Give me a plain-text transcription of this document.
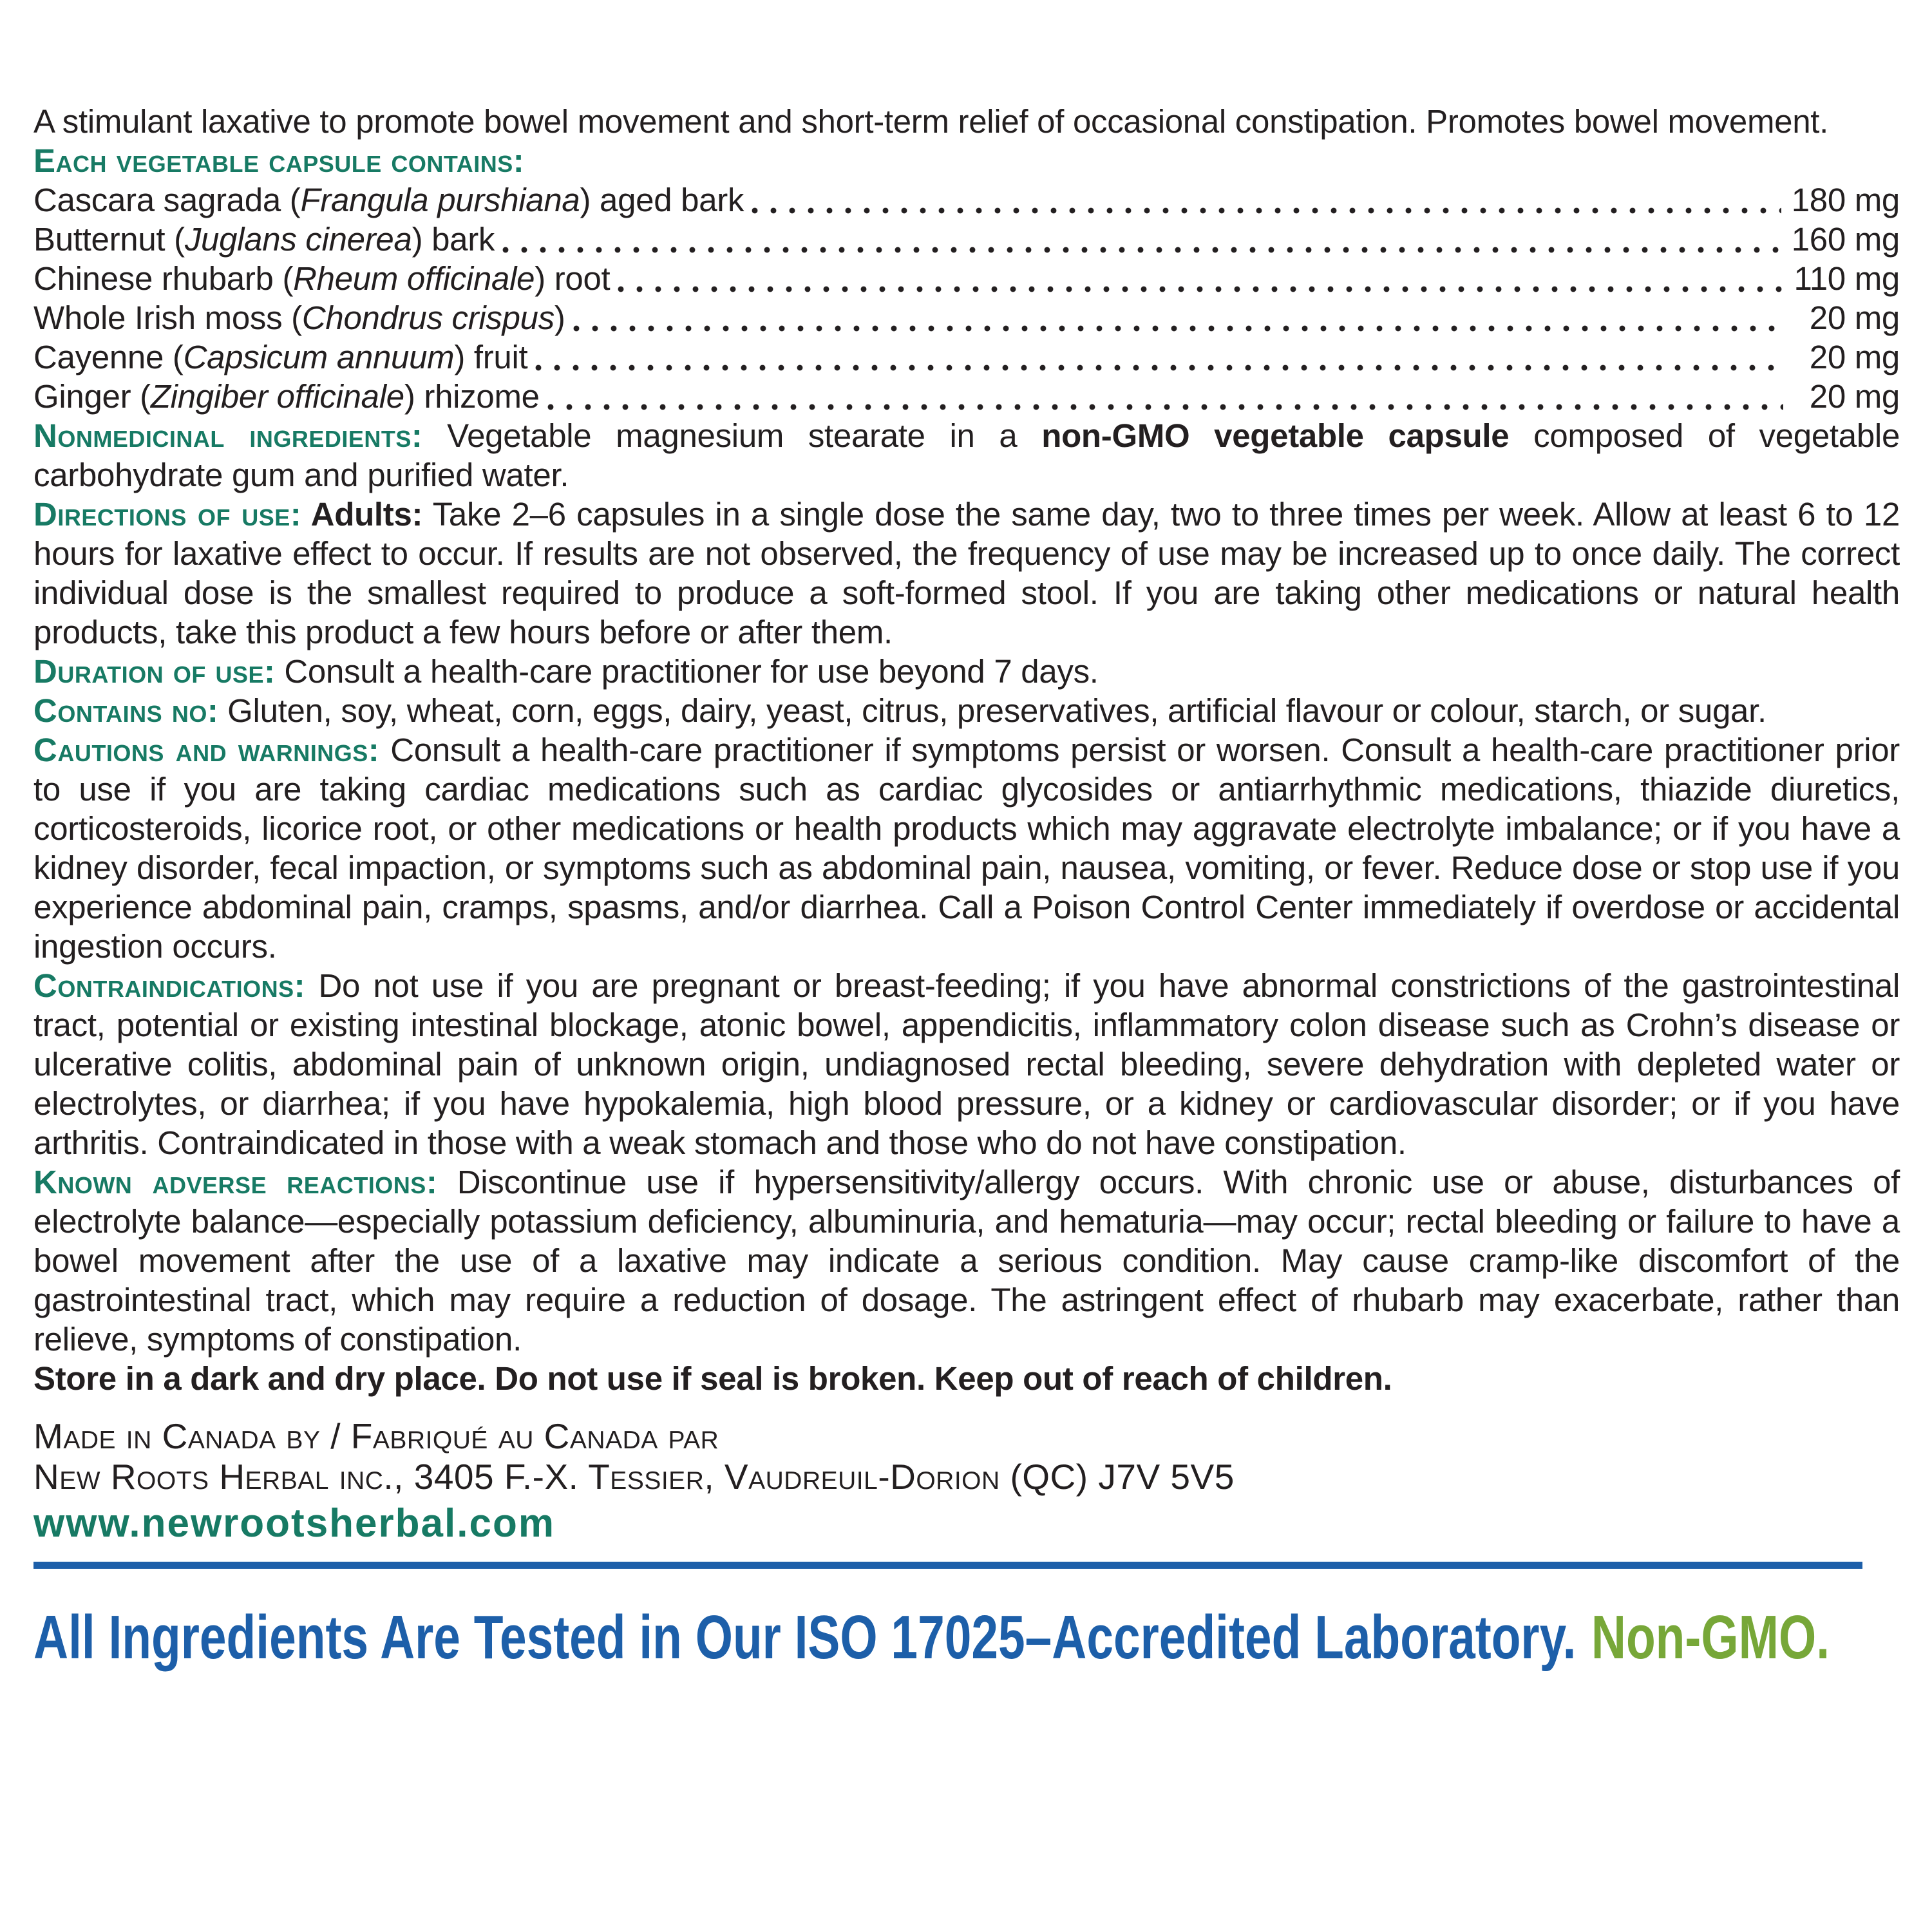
A stimulant laxative to promote bowel movement and short-term relief of occasional constipation. Promotes bowel movement.

Each vegetable capsule contains:

Cascara sagrada (Frangula purshiana) aged bark	180 mg
Butternut (Juglans cinerea) bark	160 mg
Chinese rhubarb (Rheum officinale) root	110 mg
Whole Irish moss (Chondrus crispus)	20 mg
Cayenne (Capsicum annuum) fruit	20 mg
Ginger (Zingiber officinale) rhizome	20 mg

Nonmedicinal ingredients: Vegetable magnesium stearate in a non-GMO vegetable capsule composed of vegetable carbohydrate gum and purified water.

Directions of use: Adults: Take 2–6 capsules in a single dose the same day, two to three times per week. Allow at least 6 to 12 hours for laxative effect to occur. If results are not observed, the frequency of use may be increased up to once daily. The correct individual dose is the smallest required to produce a soft-formed stool. If you are taking other medications or natural health products, take this product a few hours before or after them.

Duration of use: Consult a health-care practitioner for use beyond 7 days.

Contains no: Gluten, soy, wheat, corn, eggs, dairy, yeast, citrus, preservatives, artificial flavour or colour, starch, or sugar.

Cautions and warnings: Consult a health-care practitioner if symptoms persist or worsen. Consult a health-care practitioner prior to use if you are taking cardiac medications such as cardiac glycosides or antiarrhythmic medications, thiazide diuretics, corticosteroids, licorice root, or other medications or health products which may aggravate electrolyte imbalance; or if you have a kidney disorder, fecal impaction, or symptoms such as abdominal pain, nausea, vomiting, or fever. Reduce dose or stop use if you experience abdominal pain, cramps, spasms, and/or diarrhea. Call a Poison Control Center immediately if overdose or accidental ingestion occurs.

Contraindications: Do not use if you are pregnant or breast-feeding; if you have abnormal constrictions of the gastrointestinal tract, potential or existing intestinal blockage, atonic bowel, appendicitis, inflammatory colon disease such as Crohn’s disease or ulcerative colitis, abdominal pain of unknown origin, undiagnosed rectal bleeding, severe dehydration with depleted water or electrolytes, or diarrhea; if you have hypokalemia, high blood pressure, or a kidney or cardiovascular disorder; or if you have arthritis. Contraindicated in those with a weak stomach and those who do not have constipation.

Known adverse reactions: Discontinue use if hypersensitivity/allergy occurs. With chronic use or abuse, disturbances of electrolyte balance—especially potassium deficiency, albuminuria, and hematuria—may occur; rectal bleeding or failure to have a bowel movement after the use of a laxative may indicate a serious condition. May cause cramp-like discomfort of the gastrointestinal tract, which may require a reduction of dosage. The astringent effect of rhubarb may exacerbate, rather than relieve, symptoms of constipation.

Store in a dark and dry place. Do not use if seal is broken. Keep out of reach of children.

Made in Canada by / Fabriqué au Canada par
New Roots Herbal inc., 3405 F.-X. Tessier, Vaudreuil-Dorion (QC) J7V 5V5
www.newrootsherbal.com
All Ingredients Are Tested in Our ISO 17025–Accredited Laboratory. Non-GMO.
